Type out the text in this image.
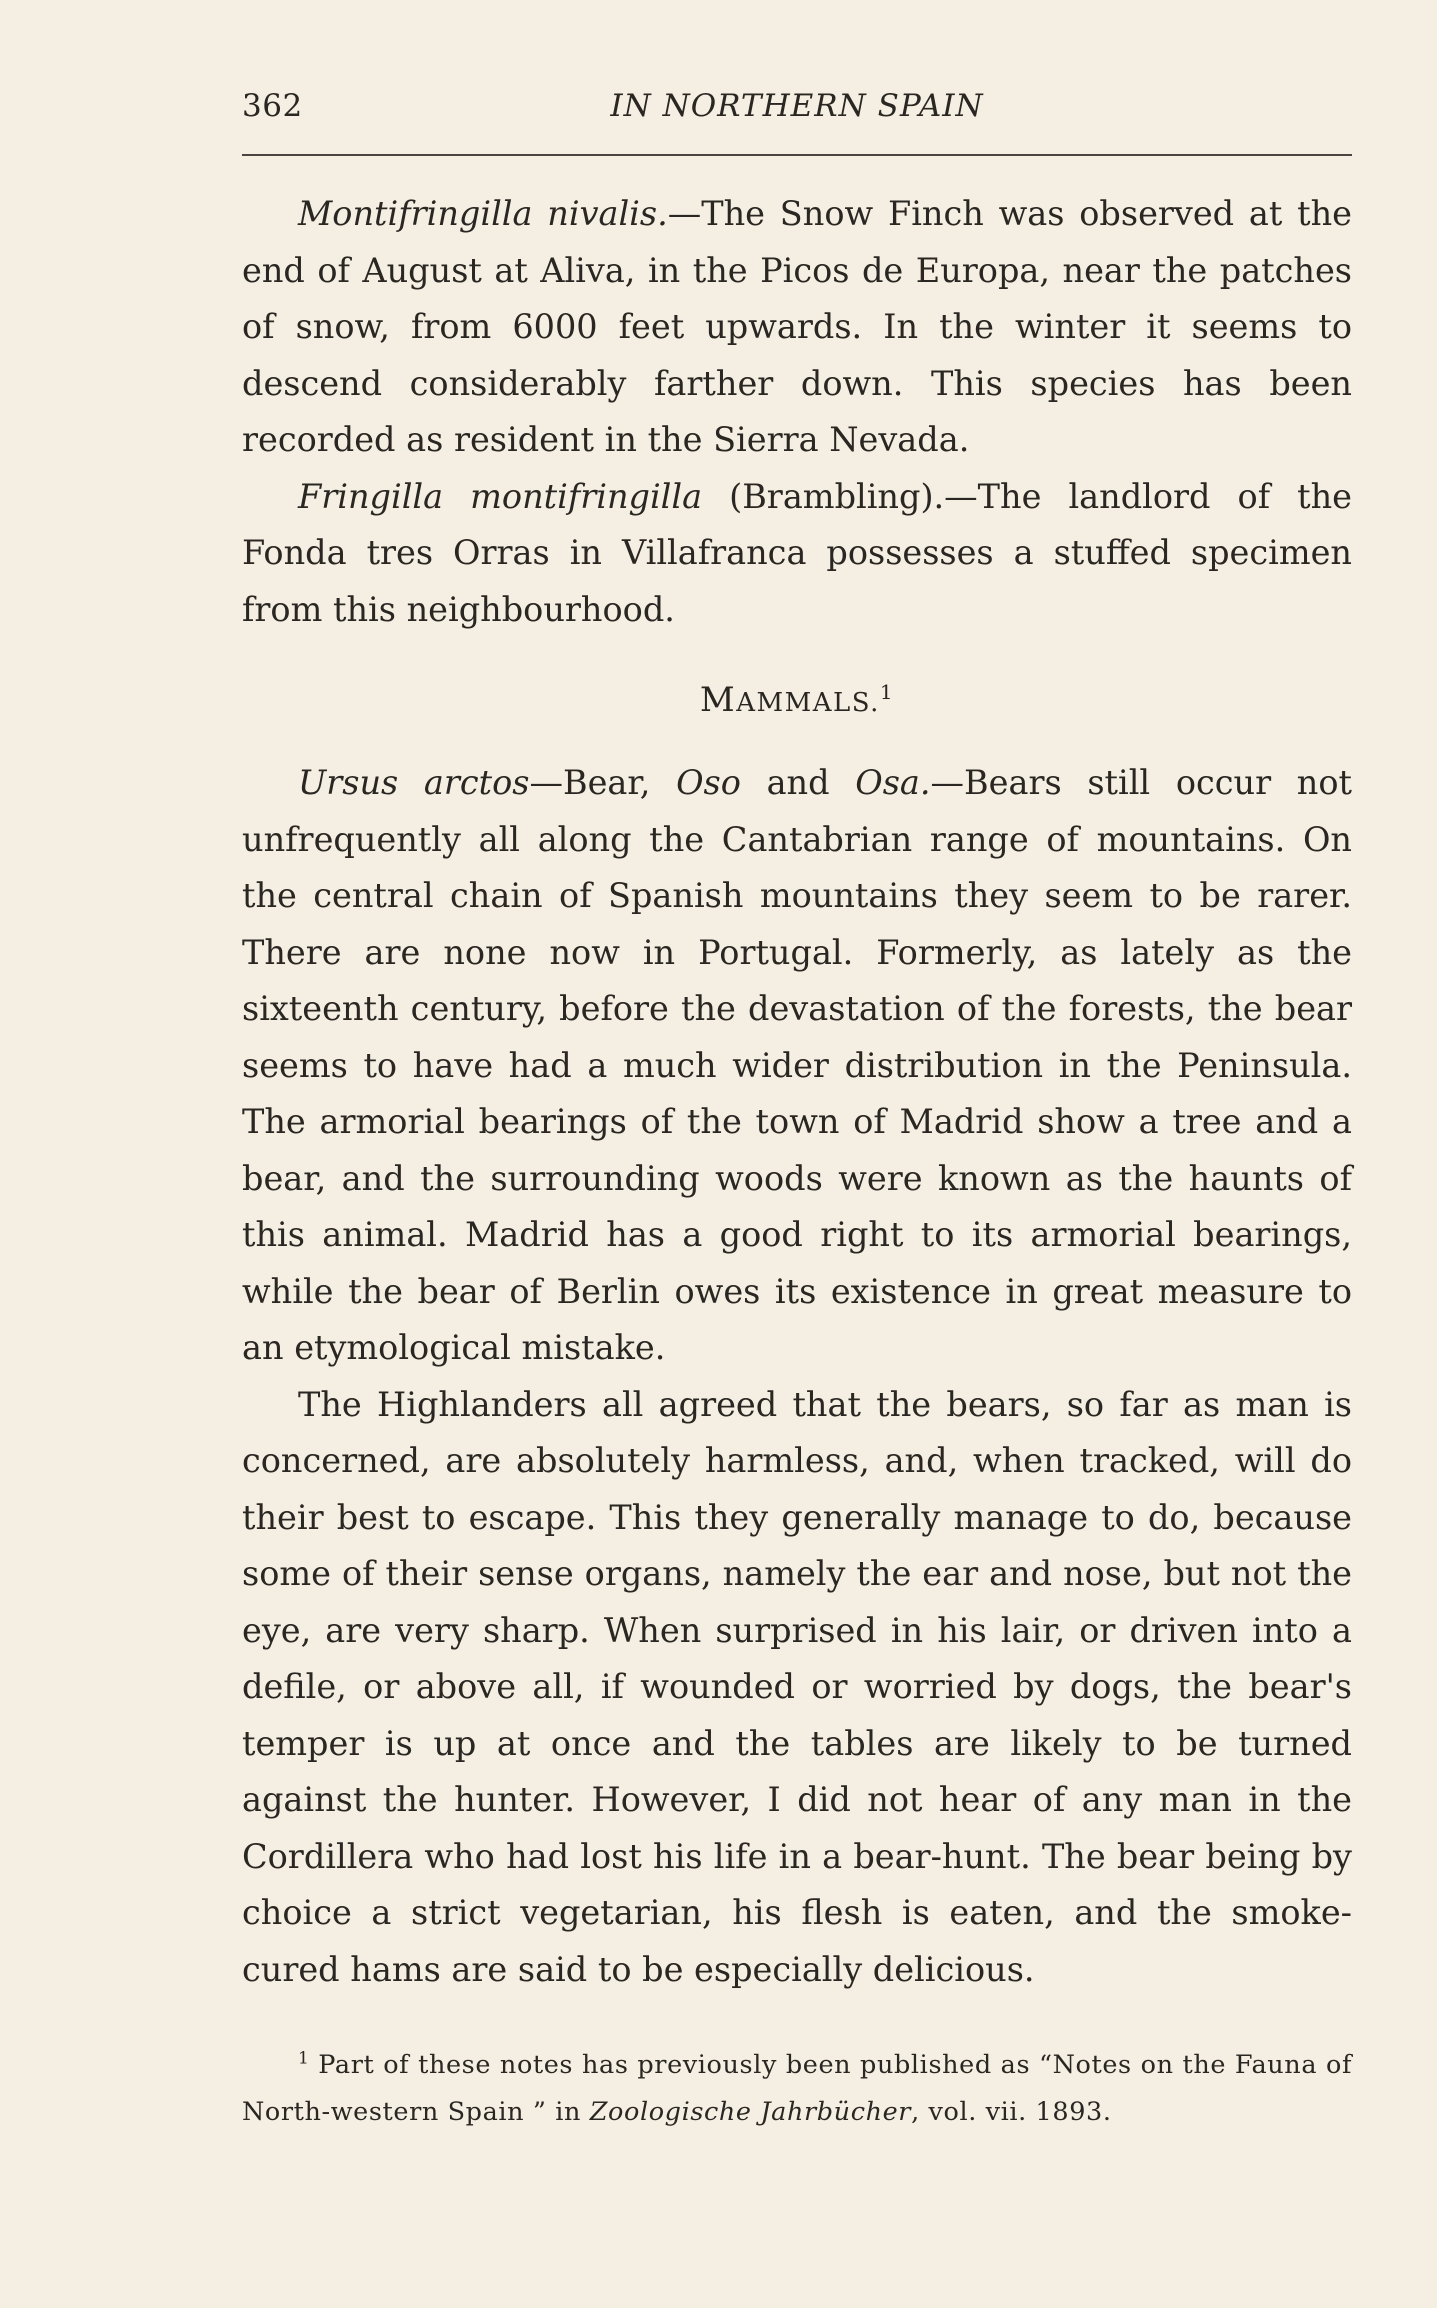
362	IN NORTHERN SPAIN

Montifringilla nivalis.—The Snow Finch was observed at the end of August at Aliva, in the Picos de Europa, near the patches of snow, from 6000 feet upwards. In the winter it seems to descend considerably farther down. This species has been recorded as resident in the Sierra Nevada.

Fringilla montifringilla (Brambling).—The landlord of the Fonda tres Orras in Villafranca possesses a stuffed specimen from this neighbourhood.

MAMMALS.$^1$

Ursus arctos—Bear, Oso and Osa.—Bears still occur not unfrequently all along the Cantabrian range of mountains. On the central chain of Spanish mountains they seem to be rarer. There are none now in Portugal. Formerly, as lately as the sixteenth century, before the devastation of the forests, the bear seems to have had a much wider distribution in the Peninsula. The armorial bearings of the town of Madrid show a tree and a bear, and the surrounding woods were known as the haunts of this animal. Madrid has a good right to its armorial bearings, while the bear of Berlin owes its existence in great measure to an etymological mistake.

The Highlanders all agreed that the bears, so far as man is concerned, are absolutely harmless, and, when tracked, will do their best to escape. This they generally manage to do, because some of their sense organs, namely the ear and nose, but not the eye, are very sharp. When surprised in his lair, or driven into a defile, or above all, if wounded or worried by dogs, the bear's temper is up at once and the tables are likely to be turned against the hunter. However, I did not hear of any man in the Cordillera who had lost his life in a bear-hunt. The bear being by choice a strict vegetarian, his flesh is eaten, and the smoke-cured hams are said to be especially delicious.

$^1$ Part of these notes has previously been published as “Notes on the Fauna of North-western Spain ” in Zoologische Jahrbücher, vol. vii. 1893.
